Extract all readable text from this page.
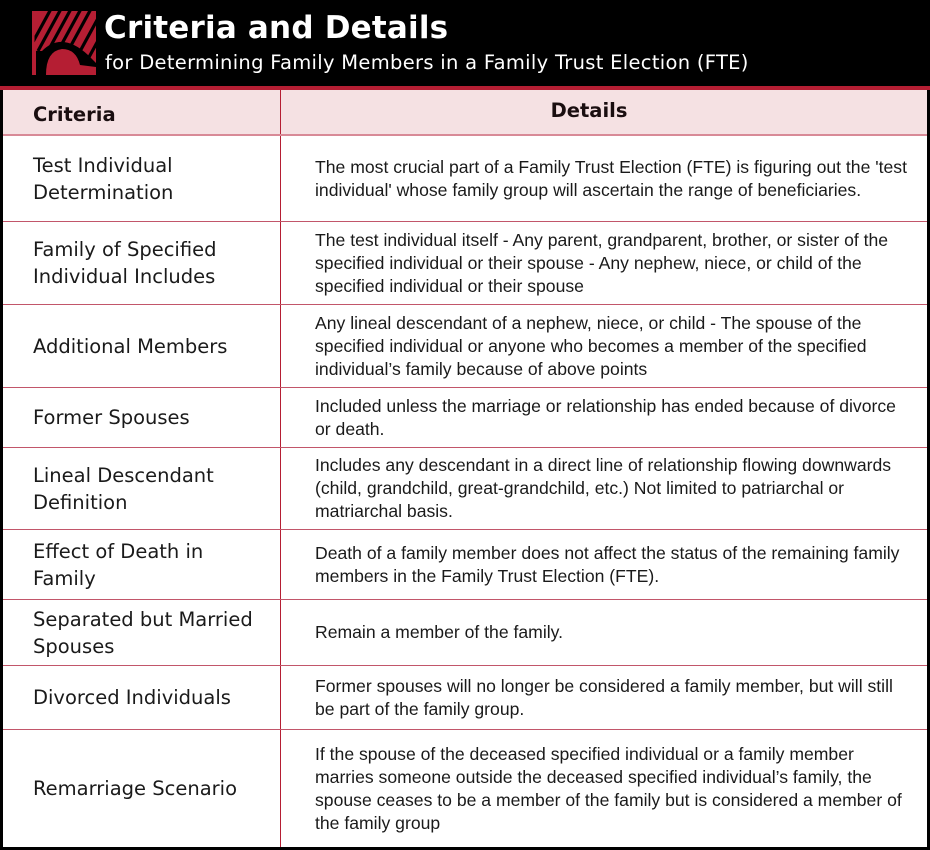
Criteria and Details
for Determining Family Members in a Family Trust Election (FTE)
Criteria	Details
Test Individual Determination
The most crucial part of a Family Trust Election (FTE) is figuring out the 'test individual' whose family group will ascertain the range of beneficiaries.
Family of Specified Individual Includes
The test individual itself - Any parent, grandparent, brother, or sister of the specified individual or their spouse - Any nephew, niece, or child of the specified individual or their spouse
Additional Members
Any lineal descendant of a nephew, niece, or child - The spouse of the specified individual or anyone who becomes a member of the specified individual’s family because of above points
Former Spouses
Included unless the marriage or relationship has ended because of divorce or death.
Lineal Descendant Definition
Includes any descendant in a direct line of relationship flowing downwards (child, grandchild, great-grandchild, etc.) Not limited to patriarchal or matriarchal basis.
Effect of Death in Family
Death of a family member does not affect the status of the remaining family members in the Family Trust Election (FTE).
Separated but Married Spouses
Remain a member of the family.
Divorced Individuals
Former spouses will no longer be considered a family member, but will still be part of the family group.
Remarriage Scenario
If the spouse of the deceased specified individual or a family member marries someone outside the deceased specified individual’s family, the spouse ceases to be a member of the family but is considered a member of the family group
